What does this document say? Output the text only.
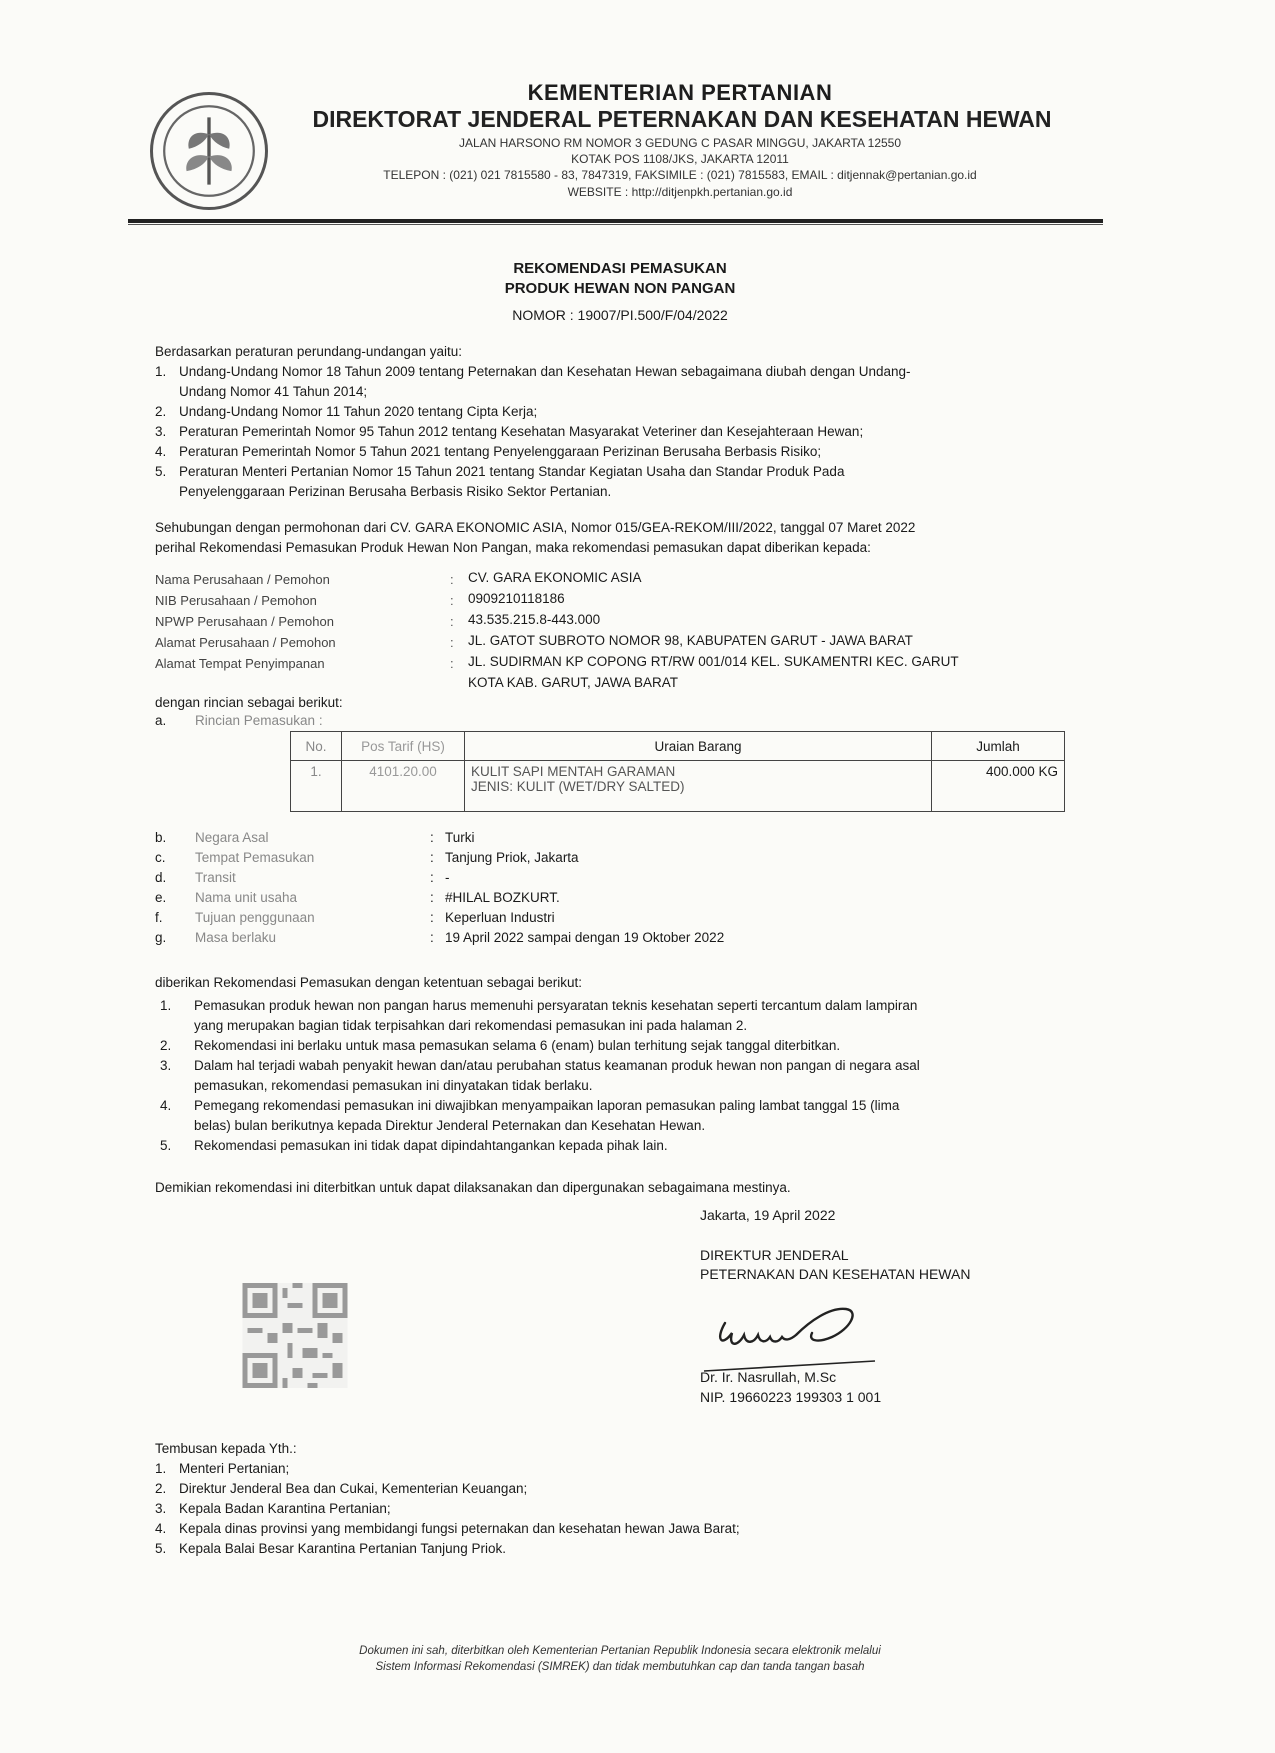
KEMENTERIAN PERTANIAN
DIREKTORAT JENDERAL PETERNAKAN DAN KESEHATAN HEWAN
JALAN HARSONO RM NOMOR 3 GEDUNG C PASAR MINGGU, JAKARTA 12550
KOTAK POS 1108/JKS, JAKARTA 12011
TELEPON : (021) 021 7815580 - 83, 7847319, FAKSIMILE : (021) 7815583, EMAIL : ditjennak@pertanian.go.id
WEBSITE : http://ditjenpkh.pertanian.go.id
REKOMENDASI PEMASUKAN
PRODUK HEWAN NON PANGAN
NOMOR : 19007/PI.500/F/04/2022
Berdasarkan peraturan perundang-undangan yaitu:
1. Undang-Undang Nomor 18 Tahun 2009 tentang Peternakan dan Kesehatan Hewan sebagaimana diubah dengan Undang-
Undang Nomor 41 Tahun 2014;
2. Undang-Undang Nomor 11 Tahun 2020 tentang Cipta Kerja;
3. Peraturan Pemerintah Nomor 95 Tahun 2012 tentang Kesehatan Masyarakat Veteriner dan Kesejahteraan Hewan;
4. Peraturan Pemerintah Nomor 5 Tahun 2021 tentang Penyelenggaraan Perizinan Berusaha Berbasis Risiko;
5. Peraturan Menteri Pertanian Nomor 15 Tahun 2021 tentang Standar Kegiatan Usaha dan Standar Produk Pada
Penyelenggaraan Perizinan Berusaha Berbasis Risiko Sektor Pertanian.
Sehubungan dengan permohonan dari CV. GARA EKONOMIC ASIA, Nomor 015/GEA-REKOM/III/2022, tanggal 07 Maret 2022
perihal Rekomendasi Pemasukan Produk Hewan Non Pangan, maka rekomendasi pemasukan dapat diberikan kepada:
Nama Perusahaan / Pemohon	: CV. GARA EKONOMIC ASIA
NIB Perusahaan / Pemohon	: 0909210118186
NPWP Perusahaan / Pemohon	: 43.535.215.8-443.000
Alamat Perusahaan / Pemohon	: JL. GATOT SUBROTO NOMOR 98, KABUPATEN GARUT - JAWA BARAT
Alamat Tempat Penyimpanan	: JL. SUDIRMAN KP COPONG RT/RW 001/014 KEL. SUKAMENTRI KEC. GARUT
KOTA KAB. GARUT, JAWA BARAT
dengan rincian sebagai berikut:
a. Rincian Pemasukan :
No.	Pos Tarif (HS)	Uraian Barang	Jumlah
1.	4101.20.00	KULIT SAPI MENTAH GARAMAN
JENIS: KULIT (WET/DRY SALTED)	400.000 KG
b.	Negara Asal	: Turki
c.	Tempat Pemasukan	: Tanjung Priok, Jakarta
d.	Transit	: -
e.	Nama unit usaha	: #HILAL BOZKURT.
f.	Tujuan penggunaan	: Keperluan Industri
g.	Masa berlaku	: 19 April 2022 sampai dengan 19 Oktober 2022
diberikan Rekomendasi Pemasukan dengan ketentuan sebagai berikut:
1.	Pemasukan produk hewan non pangan harus memenuhi persyaratan teknis kesehatan seperti tercantum dalam lampiran
yang merupakan bagian tidak terpisahkan dari rekomendasi pemasukan ini pada halaman 2.
2.	Rekomendasi ini berlaku untuk masa pemasukan selama 6 (enam) bulan terhitung sejak tanggal diterbitkan.
3.	Dalam hal terjadi wabah penyakit hewan dan/atau perubahan status keamanan produk hewan non pangan di negara asal
pemasukan, rekomendasi pemasukan ini dinyatakan tidak berlaku.
4.	Pemegang rekomendasi pemasukan ini diwajibkan menyampaikan laporan pemasukan paling lambat tanggal 15 (lima
belas) bulan berikutnya kepada Direktur Jenderal Peternakan dan Kesehatan Hewan.
5.	Rekomendasi pemasukan ini tidak dapat dipindahtangankan kepada pihak lain.
Demikian rekomendasi ini diterbitkan untuk dapat dilaksanakan dan dipergunakan sebagaimana mestinya.
Jakarta, 19 April 2022
DIREKTUR JENDERAL
PETERNAKAN DAN KESEHATAN HEWAN
Dr. Ir. Nasrullah, M.Sc
NIP. 19660223 199303 1 001
Tembusan kepada Yth.:
1. Menteri Pertanian;
2. Direktur Jenderal Bea dan Cukai, Kementerian Keuangan;
3. Kepala Badan Karantina Pertanian;
4. Kepala dinas provinsi yang membidangi fungsi peternakan dan kesehatan hewan Jawa Barat;
5. Kepala Balai Besar Karantina Pertanian Tanjung Priok.
Dokumen ini sah, diterbitkan oleh Kementerian Pertanian Republik Indonesia secara elektronik melalui
Sistem Informasi Rekomendasi (SIMREK) dan tidak membutuhkan cap dan tanda tangan basah
